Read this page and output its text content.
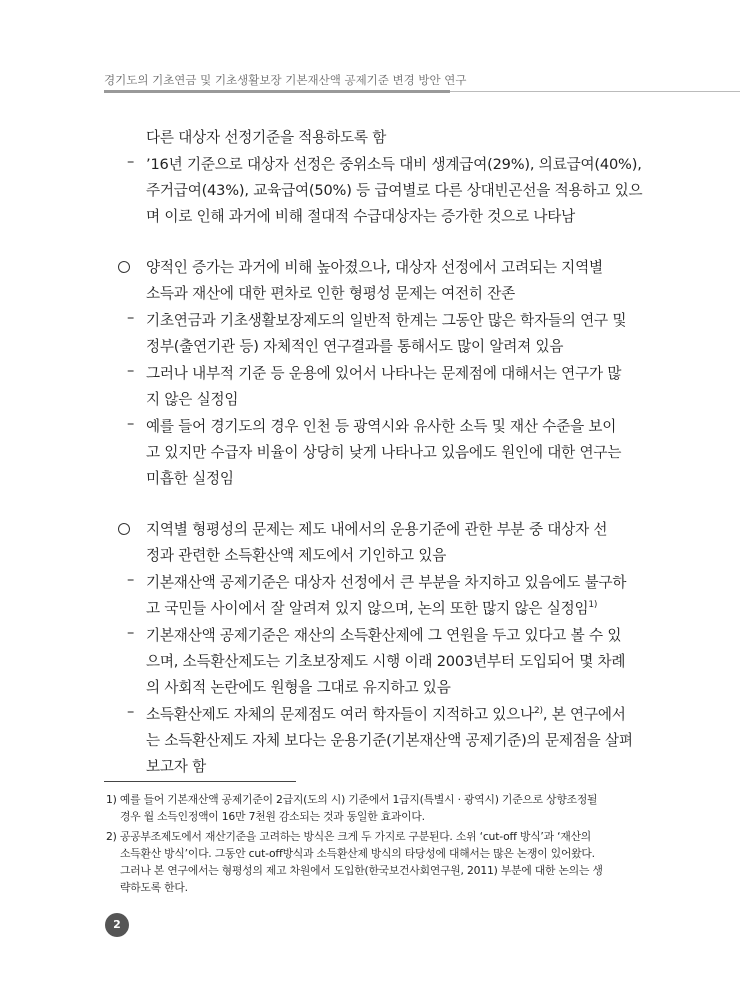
경기도의 기초연금 및 기초생활보장 기본재산액 공제기준 변경 방안 연구
다른 대상자 선정기준을 적용하도록 함
– ’16년 기준으로 대상자 선정은 중위소득 대비 생계급여(29%), 의료급여(40%),
주거급여(43%), 교육급여(50%) 등 급여별로 다른 상대빈곤선을 적용하고 있으
며 이로 인해 과거에 비해 절대적 수급대상자는 증가한 것으로 나타남
양적인 증가는 과거에 비해 높아졌으나, 대상자 선정에서 고려되는 지역별
소득과 재산에 대한 편차로 인한 형평성 문제는 여전히 잔존
– 기초연금과 기초생활보장제도의 일반적 한계는 그동안 많은 학자들의 연구 및
정부(출연기관 등) 자체적인 연구결과를 통해서도 많이 알려져 있음
– 그러나 내부적 기준 등 운용에 있어서 나타나는 문제점에 대해서는 연구가 많
지 않은 실정임
– 예를 들어 경기도의 경우 인천 등 광역시와 유사한 소득 및 재산 수준을 보이
고 있지만 수급자 비율이 상당히 낮게 나타나고 있음에도 원인에 대한 연구는
미흡한 실정임
지역별 형평성의 문제는 제도 내에서의 운용기준에 관한 부분 중 대상자 선
정과 관련한 소득환산액 제도에서 기인하고 있음
– 기본재산액 공제기준은 대상자 선정에서 큰 부분을 차지하고 있음에도 불구하
고 국민들 사이에서 잘 알려져 있지 않으며, 논의 또한 많지 않은 실정임$^{1)}$
– 기본재산액 공제기준은 재산의 소득환산제에 그 연원을 두고 있다고 볼 수 있
으며, 소득환산제도는 기초보장제도 시행 이래 2003년부터 도입되어 몇 차례
의 사회적 논란에도 원형을 그대로 유지하고 있음
– 소득환산제도 자체의 문제점도 여러 학자들이 지적하고 있으나$^{2)}$, 본 연구에서
는 소득환산제도 자체 보다는 운용기준(기본재산액 공제기준)의 문제점을 살펴
보고자 함
1) 예를 들어 기본재산액 공제기준이 2급지(도의 시) 기준에서 1급지(특별시 · 광역시) 기준으로 상향조정될
경우 월 소득인정액이 16만 7천원 감소되는 것과 동일한 효과이다.
2) 공공부조제도에서 재산기준을 고려하는 방식은 크게 두 가지로 구분된다. 소위 ‘cut-off 방식’과 ‘재산의
소득환산 방식’이다. 그동안 cut-off방식과 소득환산제 방식의 타당성에 대해서는 많은 논쟁이 있어왔다.
그러나 본 연구에서는 형평성의 제고 차원에서 도입한(한국보건사회연구원, 2011) 부분에 대한 논의는 생
략하도록 한다.
2
